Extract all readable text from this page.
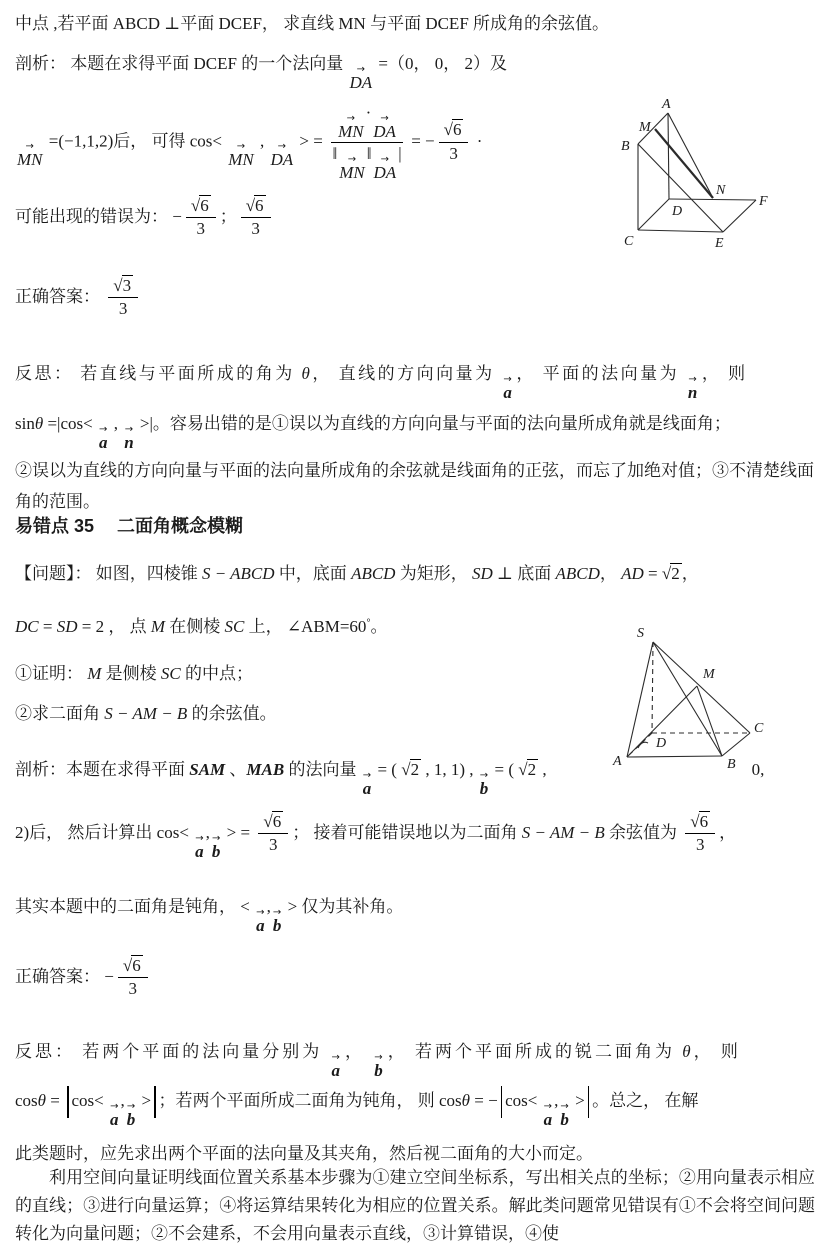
中点 ,若平面 ABCD ⊥平面 DCEF， 求直线 MN 与平面 DCEF 所成角的余弦值。
剖析： 本题在求得平面 DCEF 的一个法向量 →
DA
=（0， 0， 2）及
→
MN
=(−1,1,2)后， 可得 cos< →
MN
, →
DA
> = →
MN
· →
DA
‖ →
MN
‖ →
DA
| = − $\frac{√6}{3}$ ·
可能出现的错误为： − $\frac{√6}{3}$ ； $\frac{√6}{3}$
正确答案： $\frac{√3}{3}$
反思： 若直线与平面所成的角为 θ， 直线的方向向量为 →
a
， 平面的法向量为 →
n
， 则
sinθ =|cos< →
a
, →
n
>|。容易出错的是①误以为直线的方向向量与平面的法向量所成角就是线面角；
②误以为直线的方向向量与平面的法向量所成角的余弦就是线面角的正弦，而忘了加绝对值；③不清楚线面角的范围。
易错点 35　 二面角概念模糊
【问题】： 如图，四棱锥 S − ABCD 中，底面 ABCD 为矩形， SD ⊥ 底面 ABCD， AD = √2 ，
DC = SD = 2 ， 点 M 在侧棱 SC 上， ∠ABM=60°。
①证明： M 是侧棱 SC 的中点；
②求二面角 S − AM − B 的余弦值。
剖析：本题在求得平面 SAM 、MAB 的法向量 →
a
= ( √2 , 1, 1) , →
b
= ( √2 ,	0,
2)后， 然后计算出 cos< →
a
, →
b
> = $\frac{√6}{3}$ ； 接着可能错误地以为二面角 S − AM − B 余弦值为 $\frac{√6}{3}$ ，
其实本题中的二面角是钝角， < →
a
, →
b
> 仅为其补角。
正确答案： − $\frac{√6}{3}$
反思： 若两个平面的法向量分别为 →
a
， →
b
， 若两个平面所成的锐二面角为 θ， 则
cosθ = cos< →
a
, →
b
> ；若两个平面所成二面角为钝角， 则 cosθ = − cos< →
a
, →
b
> 。总之， 在解
此类题时，应先求出两个平面的法向量及其夹角，然后视二面角的大小而定。
　　利用空间向量证明线面位置关系基本步骤为①建立空间坐标系，写出相关点的坐标；②用向量表示相应的直线；③进行向量运算；④将运算结果转化为相应的位置关系。解此类问题常见错误有①不会将空间问题转化为向量问题；②不会建系，不会用向量表示直线，③计算错误，④使
A
M
B
C
D
E
F
N
S
M
D
A	B
C
